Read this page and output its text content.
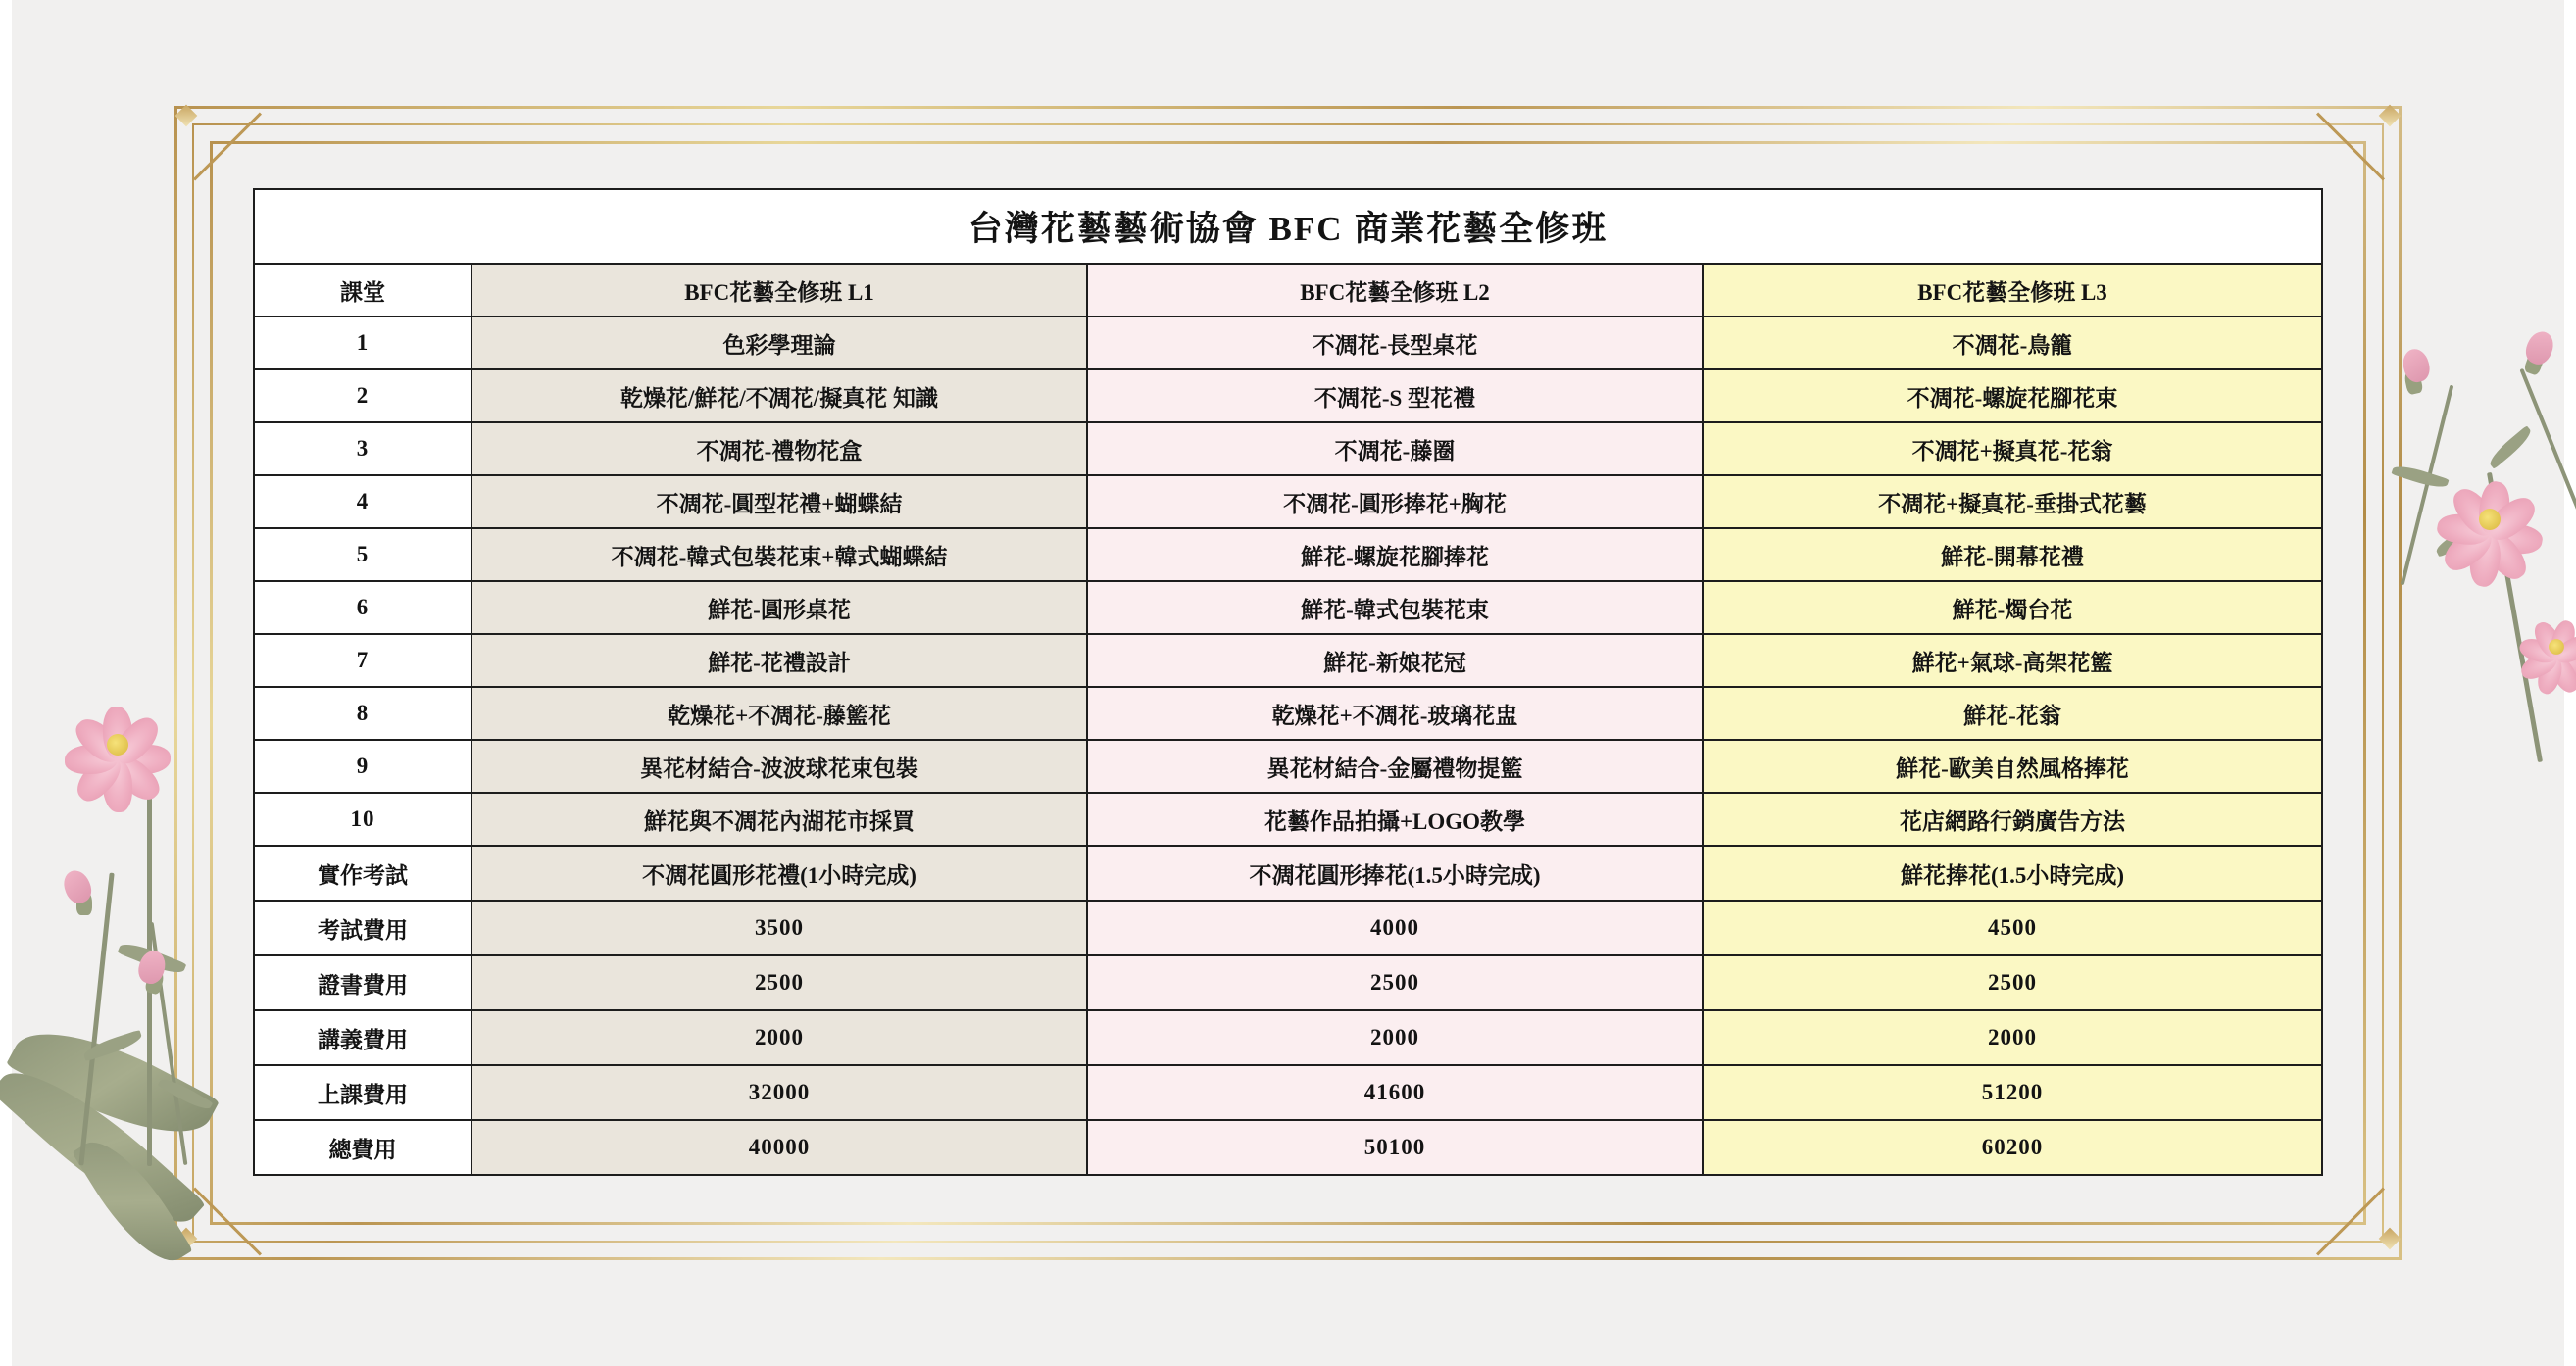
台灣花藝藝術協會 BFC 商業花藝全修班			
課堂	BFC花藝全修班 L1	BFC花藝全修班 L2	BFC花藝全修班 L3
1	色彩學理論	不凋花-長型桌花	不凋花-鳥籠
2	乾燥花/鮮花/不凋花/擬真花 知識	不凋花-S 型花禮	不凋花-螺旋花腳花束
3	不凋花-禮物花盒	不凋花-藤圈	不凋花+擬真花-花翁
4	不凋花-圓型花禮+蝴蝶結	不凋花-圓形捧花+胸花	不凋花+擬真花-垂掛式花藝
5	不凋花-韓式包裝花束+韓式蝴蝶結	鮮花-螺旋花腳捧花	鮮花-開幕花禮
6	鮮花-圓形桌花	鮮花-韓式包裝花束	鮮花-燭台花
7	鮮花-花禮設計	鮮花-新娘花冠	鮮花+氣球-高架花籃
8	乾燥花+不凋花-藤籃花	乾燥花+不凋花-玻璃花盅	鮮花-花翁
9	異花材結合-波波球花束包裝	異花材結合-金屬禮物提籃	鮮花-歐美自然風格捧花
10	鮮花與不凋花內湖花市採買	花藝作品拍攝+LOGO教學	花店網路行銷廣告方法
實作考試	不凋花圓形花禮(1小時完成)	不凋花圓形捧花(1.5小時完成)	鮮花捧花(1.5小時完成)
考試費用	3500	4000	4500
證書費用	2500	2500	2500
講義費用	2000	2000	2000
上課費用	32000	41600	51200
總費用	40000	50100	60200
